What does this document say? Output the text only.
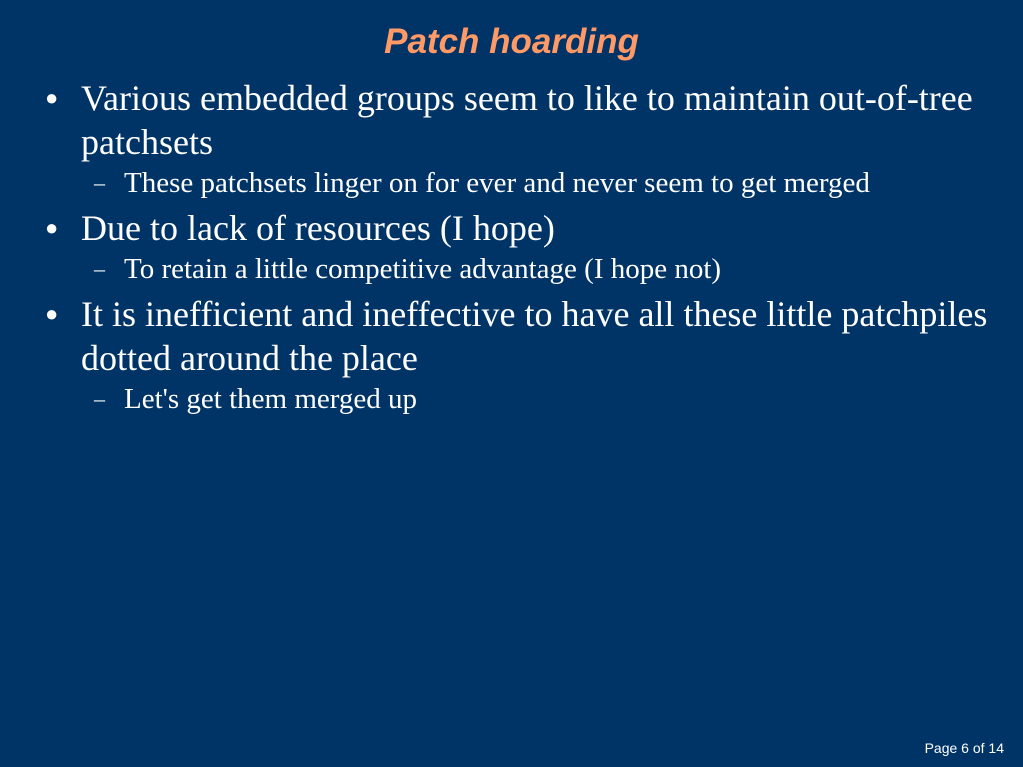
Patch hoarding
● Various embedded groups seem to like to maintain out-of-tree patchsets
– These patchsets linger on for ever and never seem to get merged
● Due to lack of resources (I hope)
– To retain a little competitive advantage (I hope not)
● It is inefficient and ineffective to have all these little patchpiles dotted around the place
– Let's get them merged up
Page 6 of 14
